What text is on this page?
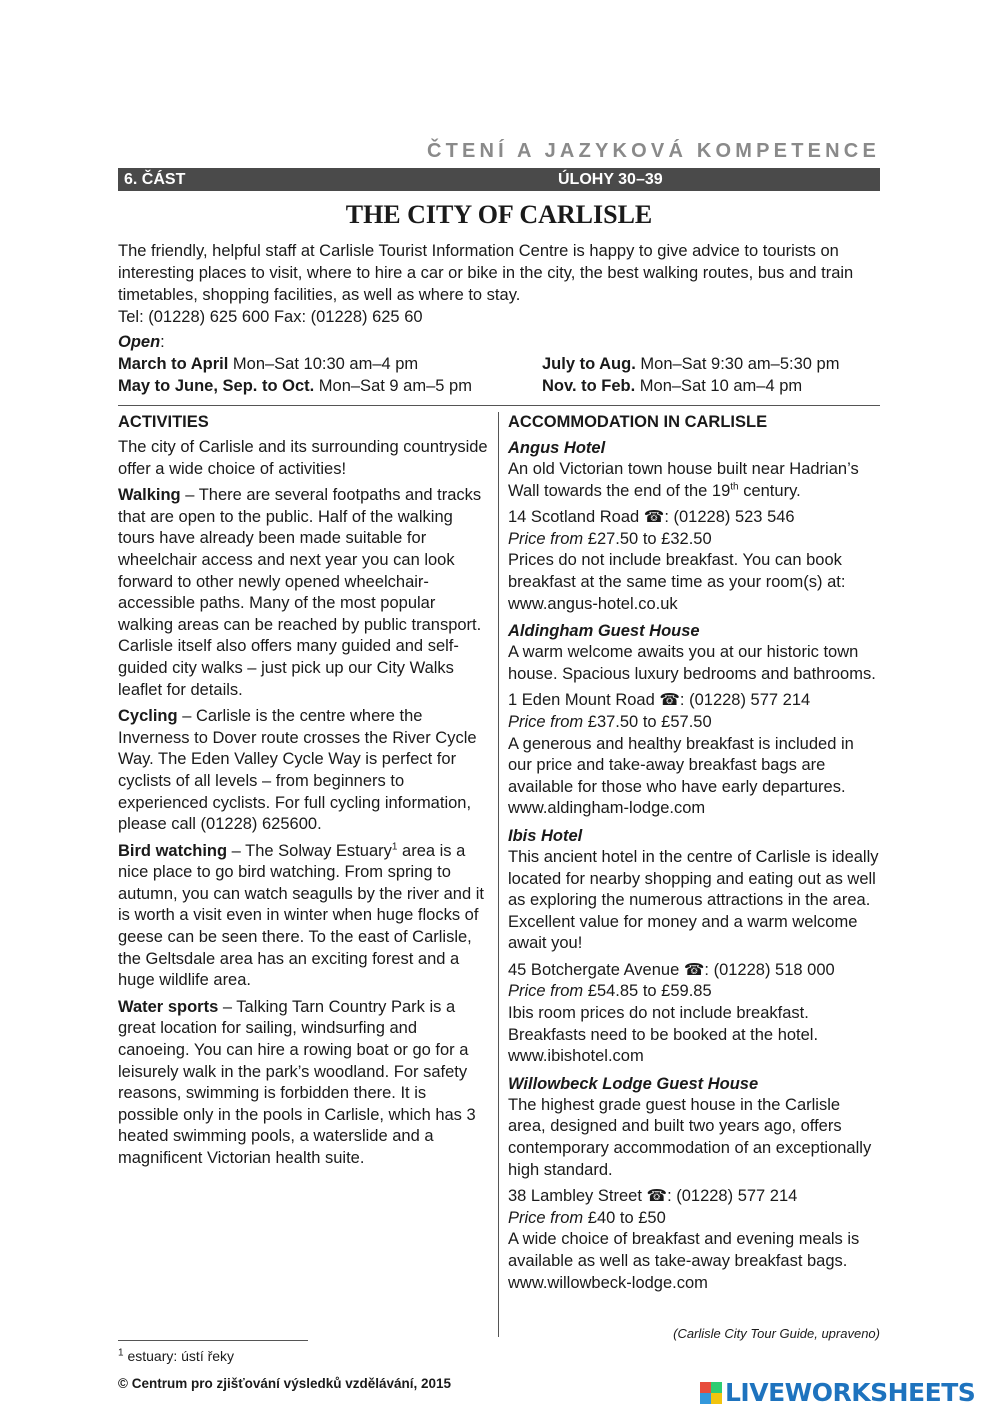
ČTENÍ A JAZYKOVÁ KOMPETENCE
6. ČÁST	ÚLOHY 30–39
THE CITY OF CARLISLE

The friendly, helpful staff at Carlisle Tourist Information Centre is happy to give advice to tourists on interesting places to visit, where to hire a car or bike in the city, the best walking routes, bus and train timetables, shopping facilities, as well as where to stay.

Tel: (01228) 625 600 Fax: (01228) 625 60

Open:
March to April Mon–Sat 10:30 am–4 pm	July to Aug. Mon–Sat 9:30 am–5:30 pm
May to June, Sep. to Oct. Mon–Sat 9 am–5 pm	Nov. to Feb. Mon–Sat 10 am–4 pm
ACTIVITIES

The city of Carlisle and its surrounding countryside offer a wide choice of activities!

Walking – There are several footpaths and tracks that are open to the public. Half of the walking tours have already been made suitable for wheelchair access and next year you can look forward to other newly opened wheelchair- accessible paths. Many of the most popular walking areas can be reached by public transport. Carlisle itself also offers many guided and self-guided city walks – just pick up our City Walks leaflet for details.

Cycling – Carlisle is the centre where the Inverness to Dover route crosses the River Cycle Way. The Eden Valley Cycle Way is perfect for cyclists of all levels – from beginners to experienced cyclists. For full cycling information, please call (01228) 625600.

Bird watching – The Solway Estuary$^1$ area is a nice place to go bird watching. From spring to autumn, you can watch seagulls by the river and it is worth a visit even in winter when huge flocks of geese can be seen there. To the east of Carlisle, the Geltsdale area has an exciting forest and a huge wildlife area.

Water sports – Talking Tarn Country Park is a great location for sailing, windsurfing and canoeing. You can hire a rowing boat or go for a leisurely walk in the park’s woodland. For safety reasons, swimming is forbidden there. It is possible only in the pools in Carlisle, which has 3 heated swimming pools, a waterslide and a magnificent Victorian health suite.

ACCOMMODATION IN CARLISLE
Angus Hotel

An old Victorian town house built near Hadrian’s Wall towards the end of the 19th century.

14 Scotland Road ☎: (01228) 523 546
Price from £27.50 to £32.50
Prices do not include breakfast. You can book breakfast at the same time as your room(s) at:
www.angus-hotel.co.uk
Aldingham Guest House

A warm welcome awaits you at our historic town house. Spacious luxury bedrooms and bathrooms.

1 Eden Mount Road ☎: (01228) 577 214
Price from £37.50 to £57.50
A generous and healthy breakfast is included in our price and take-away breakfast bags are available for those who have early departures.
www.aldingham-lodge.com
Ibis Hotel

This ancient hotel in the centre of Carlisle is ideally located for nearby shopping and eating out as well as exploring the numerous attractions in the area. Excellent value for money and a warm welcome await you!

45 Botchergate Avenue ☎: (01228) 518 000
Price from £54.85 to £59.85
Ibis room prices do not include breakfast. Breakfasts need to be booked at the hotel.
www.ibishotel.com
Willowbeck Lodge Guest House

The highest grade guest house in the Carlisle area, designed and built two years ago, offers contemporary accommodation of an exceptionally high standard.

38 Lambley Street ☎: (01228) 577 214
Price from £40 to £50
A wide choice of breakfast and evening meals is available as well as take-away breakfast bags.
www.willowbeck-lodge.com
(Carlisle City Tour Guide, upraveno)
$^1$ estuary: ústí řeky
© Centrum pro zjišťování výsledků vzdělávání, 2015	LIVEWORKSHEETS
